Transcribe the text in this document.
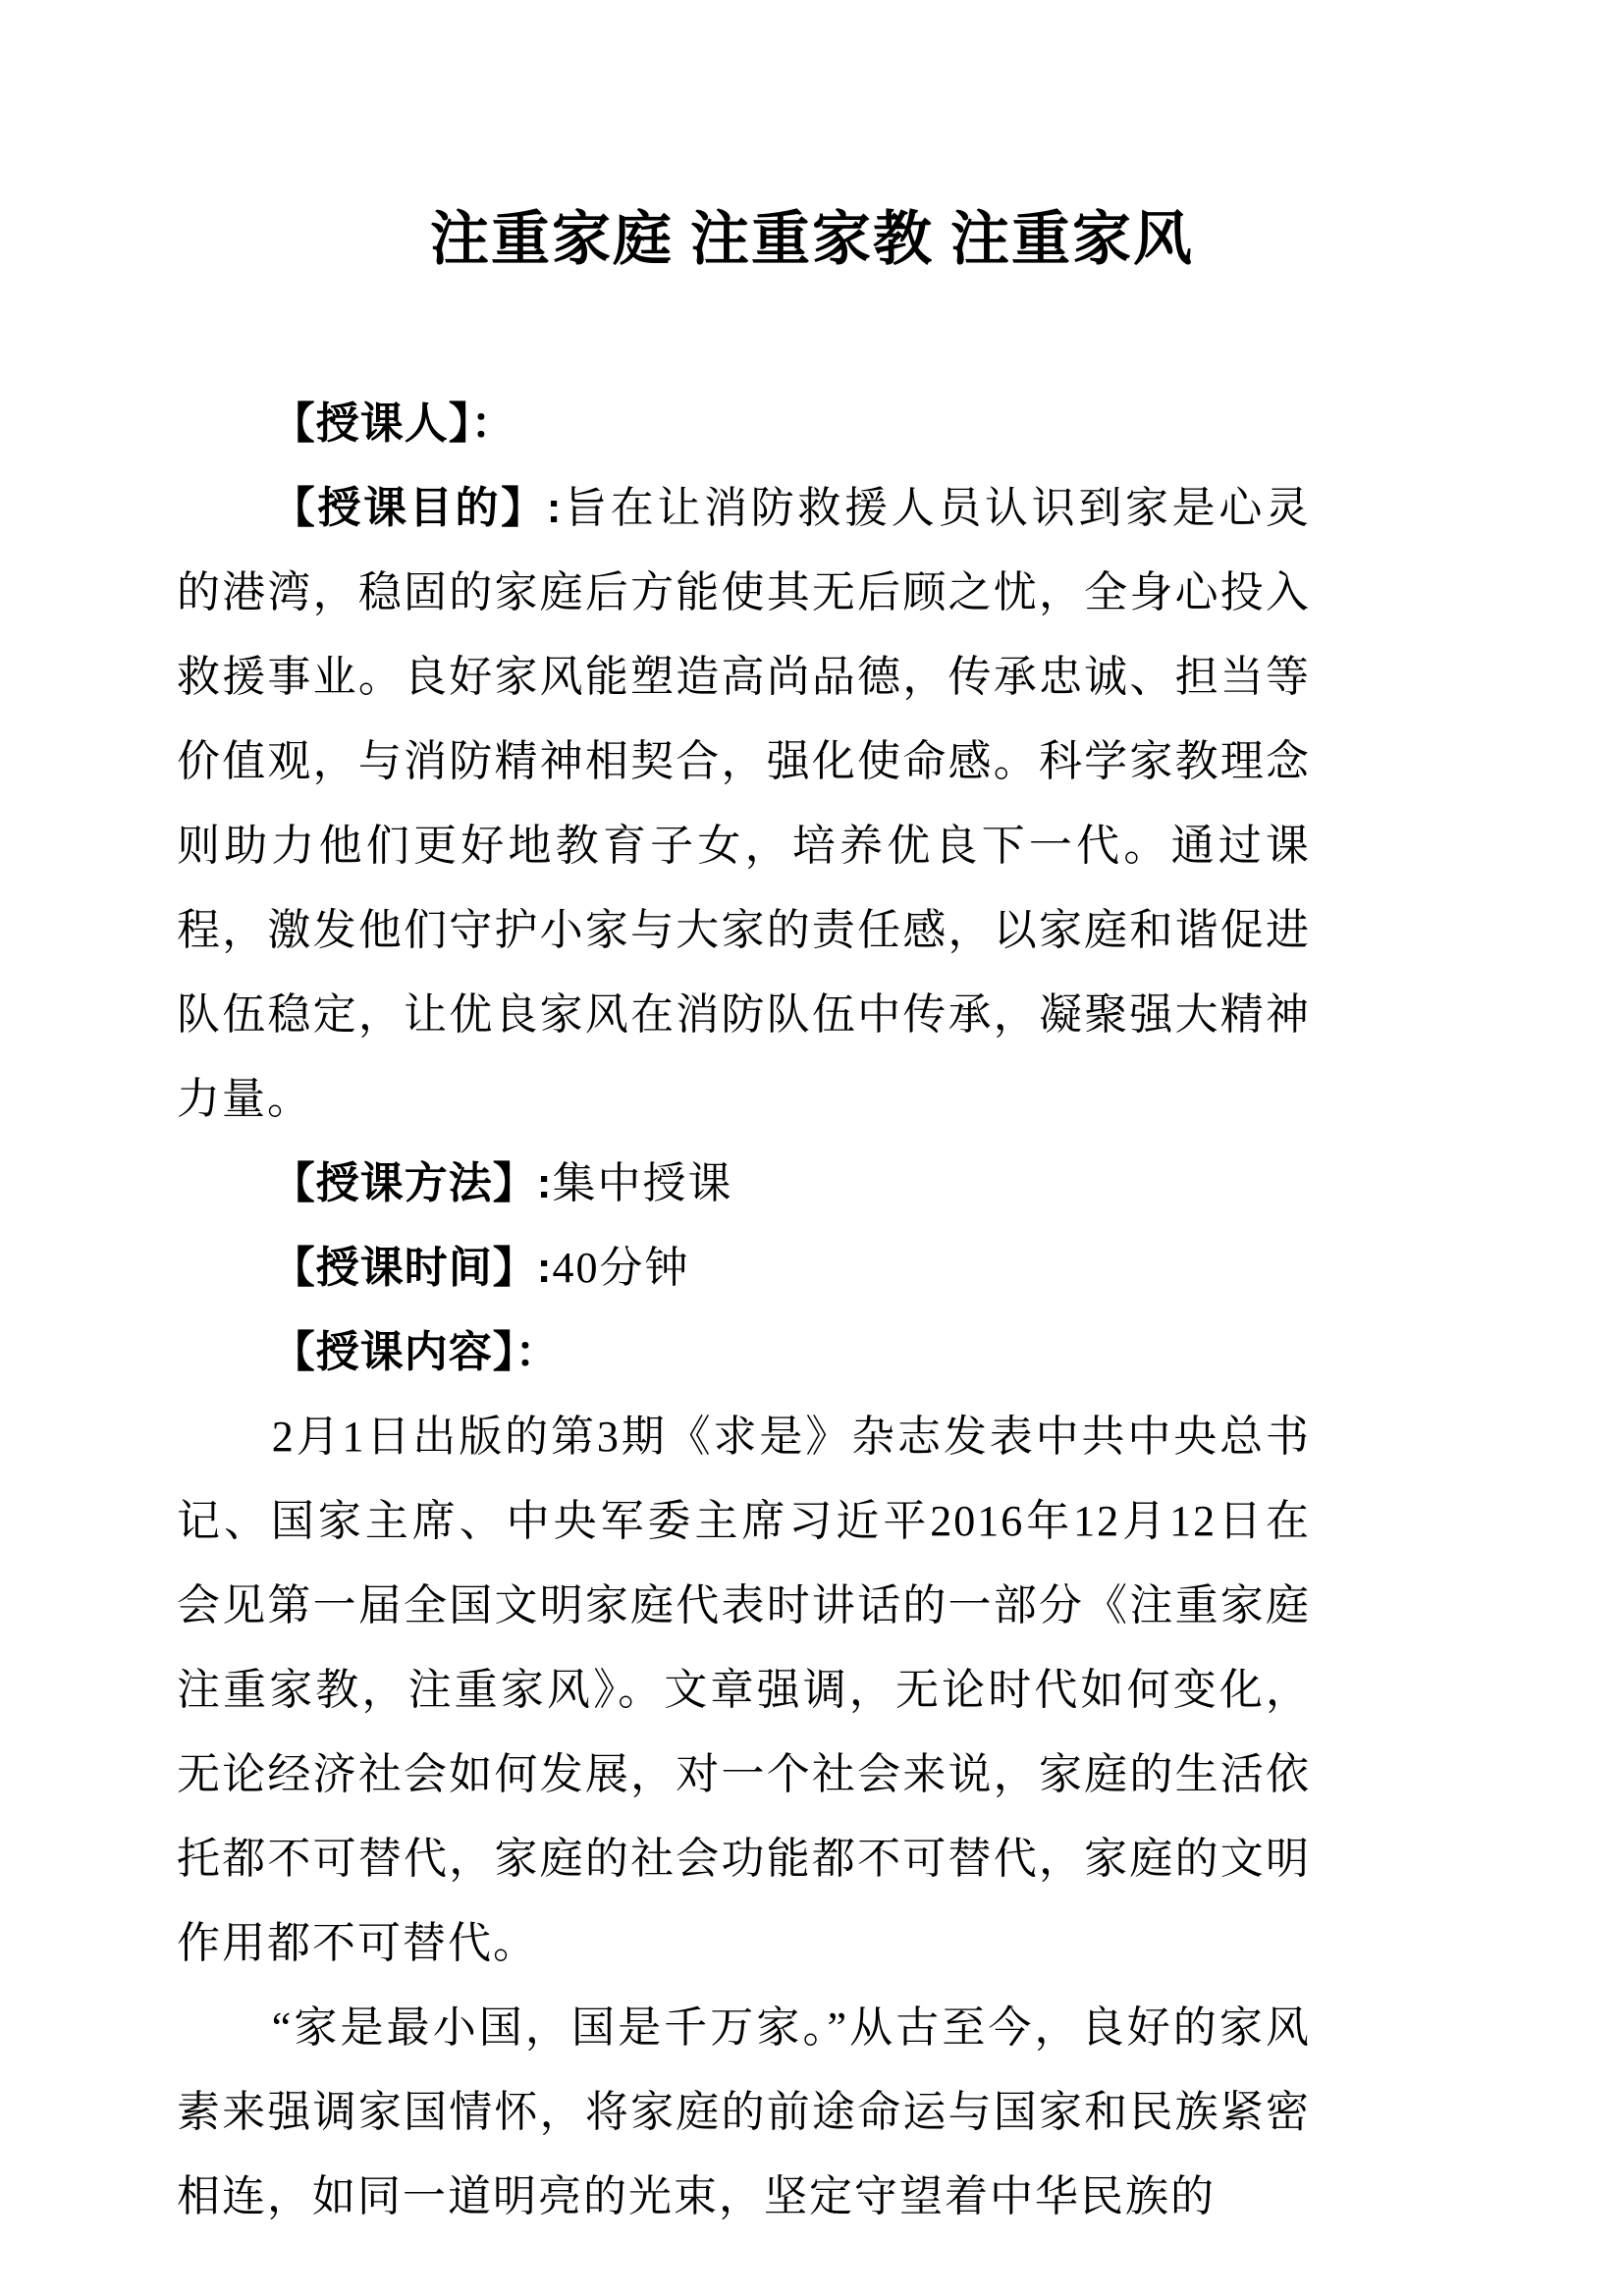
注重家庭 注重家教 注重家风

【授课人】：

【授课目的】:旨在让消防救援人员认识到家是心灵的港湾，稳固的家庭后方能使其无后顾之忧，全身心投入救援事业。良好家风能塑造高尚品德，传承忠诚、担当等价值观，与消防精神相契合，强化使命感。科学家教理念则助力他们更好地教育子女，培养优良下一代。通过课程，激发他们守护小家与大家的责任感，以家庭和谐促进队伍稳定，让优良家风在消防队伍中传承，凝聚强大精神力量。

【授课方法】:集中授课

【授课时间】:40分钟

【授课内容】：

2月1日出版的第3期《求是》杂志发表中共中央总书记、国家主席、中央军委主席习近平2016年12月12日在会见第一届全国文明家庭代表时讲话的一部分《注重家庭注重家教，注重家风》。文章强调，无论时代如何变化，无论经济社会如何发展，对一个社会来说，家庭的生活依托都不可替代，家庭的社会功能都不可替代，家庭的文明作用都不可替代。

“家是最小国，国是千万家。”从古至今，良好的家风素来强调家国情怀，将家庭的前途命运与国家和民族紧密相连，如同一道明亮的光束，坚定守望着中华民族的
